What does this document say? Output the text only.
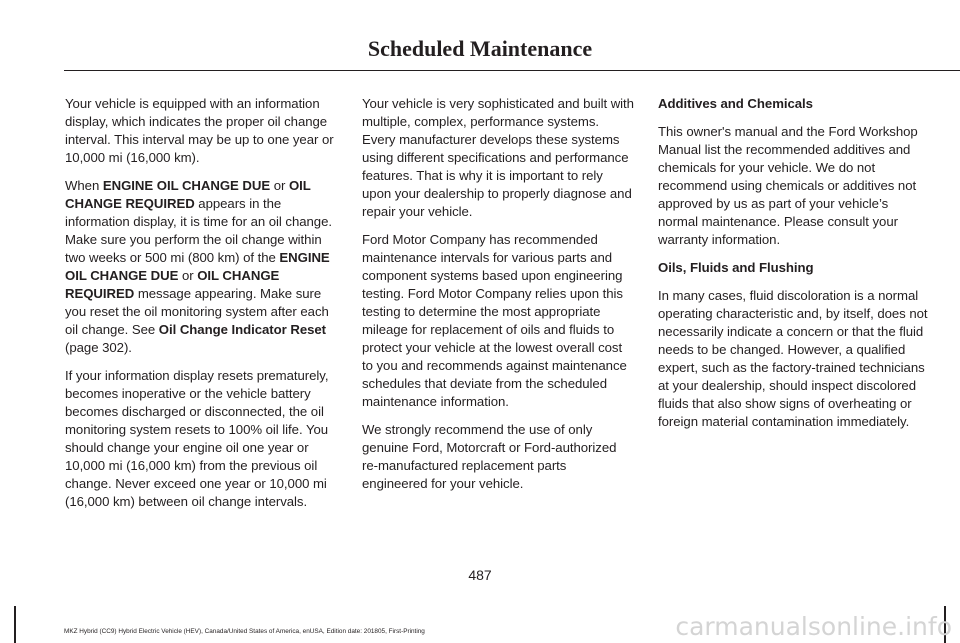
Scheduled Maintenance

Your vehicle is equipped with an information display, which indicates the proper oil change interval. This interval may be up to one year or 10,000 mi (16,000 km).

When ENGINE OIL CHANGE DUE or OIL CHANGE REQUIRED appears in the information display, it is time for an oil change. Make sure you perform the oil change within two weeks or 500 mi (800 km) of the ENGINE OIL CHANGE DUE or OIL CHANGE REQUIRED message appearing. Make sure you reset the oil monitoring system after each oil change. See Oil Change Indicator Reset (page 302).

If your information display resets prematurely, becomes inoperative or the vehicle battery becomes discharged or disconnected, the oil monitoring system resets to 100% oil life. You should change your engine oil one year or 10,000 mi (16,000 km) from the previous oil change. Never exceed one year or 10,000 mi (16,000 km) between oil change intervals.

Your vehicle is very sophisticated and built with multiple, complex, performance systems. Every manufacturer develops these systems using different specifications and performance features. That is why it is important to rely upon your dealership to properly diagnose and repair your vehicle.

Ford Motor Company has recommended maintenance intervals for various parts and component systems based upon engineering testing. Ford Motor Company relies upon this testing to determine the most appropriate mileage for replacement of oils and fluids to protect your vehicle at the lowest overall cost to you and recommends against maintenance schedules that deviate from the scheduled maintenance information.

We strongly recommend the use of only genuine Ford, Motorcraft or Ford-authorized re-manufactured replacement parts engineered for your vehicle.

Additives and Chemicals

This owner's manual and the Ford Workshop Manual list the recommended additives and chemicals for your vehicle. We do not recommend using chemicals or additives not approved by us as part of your vehicle’s normal maintenance. Please consult your warranty information.

Oils, Fluids and Flushing

In many cases, fluid discoloration is a normal operating characteristic and, by itself, does not necessarily indicate a concern or that the fluid needs to be changed. However, a qualified expert, such as the factory-trained technicians at your dealership, should inspect discolored fluids that also show signs of overheating or foreign material contamination immediately.

487
MKZ Hybrid (CC9) Hybrid Electric Vehicle (HEV), Canada/United States of America, enUSA, Edition date: 201805, First-Printing	carmanualsonline.info
